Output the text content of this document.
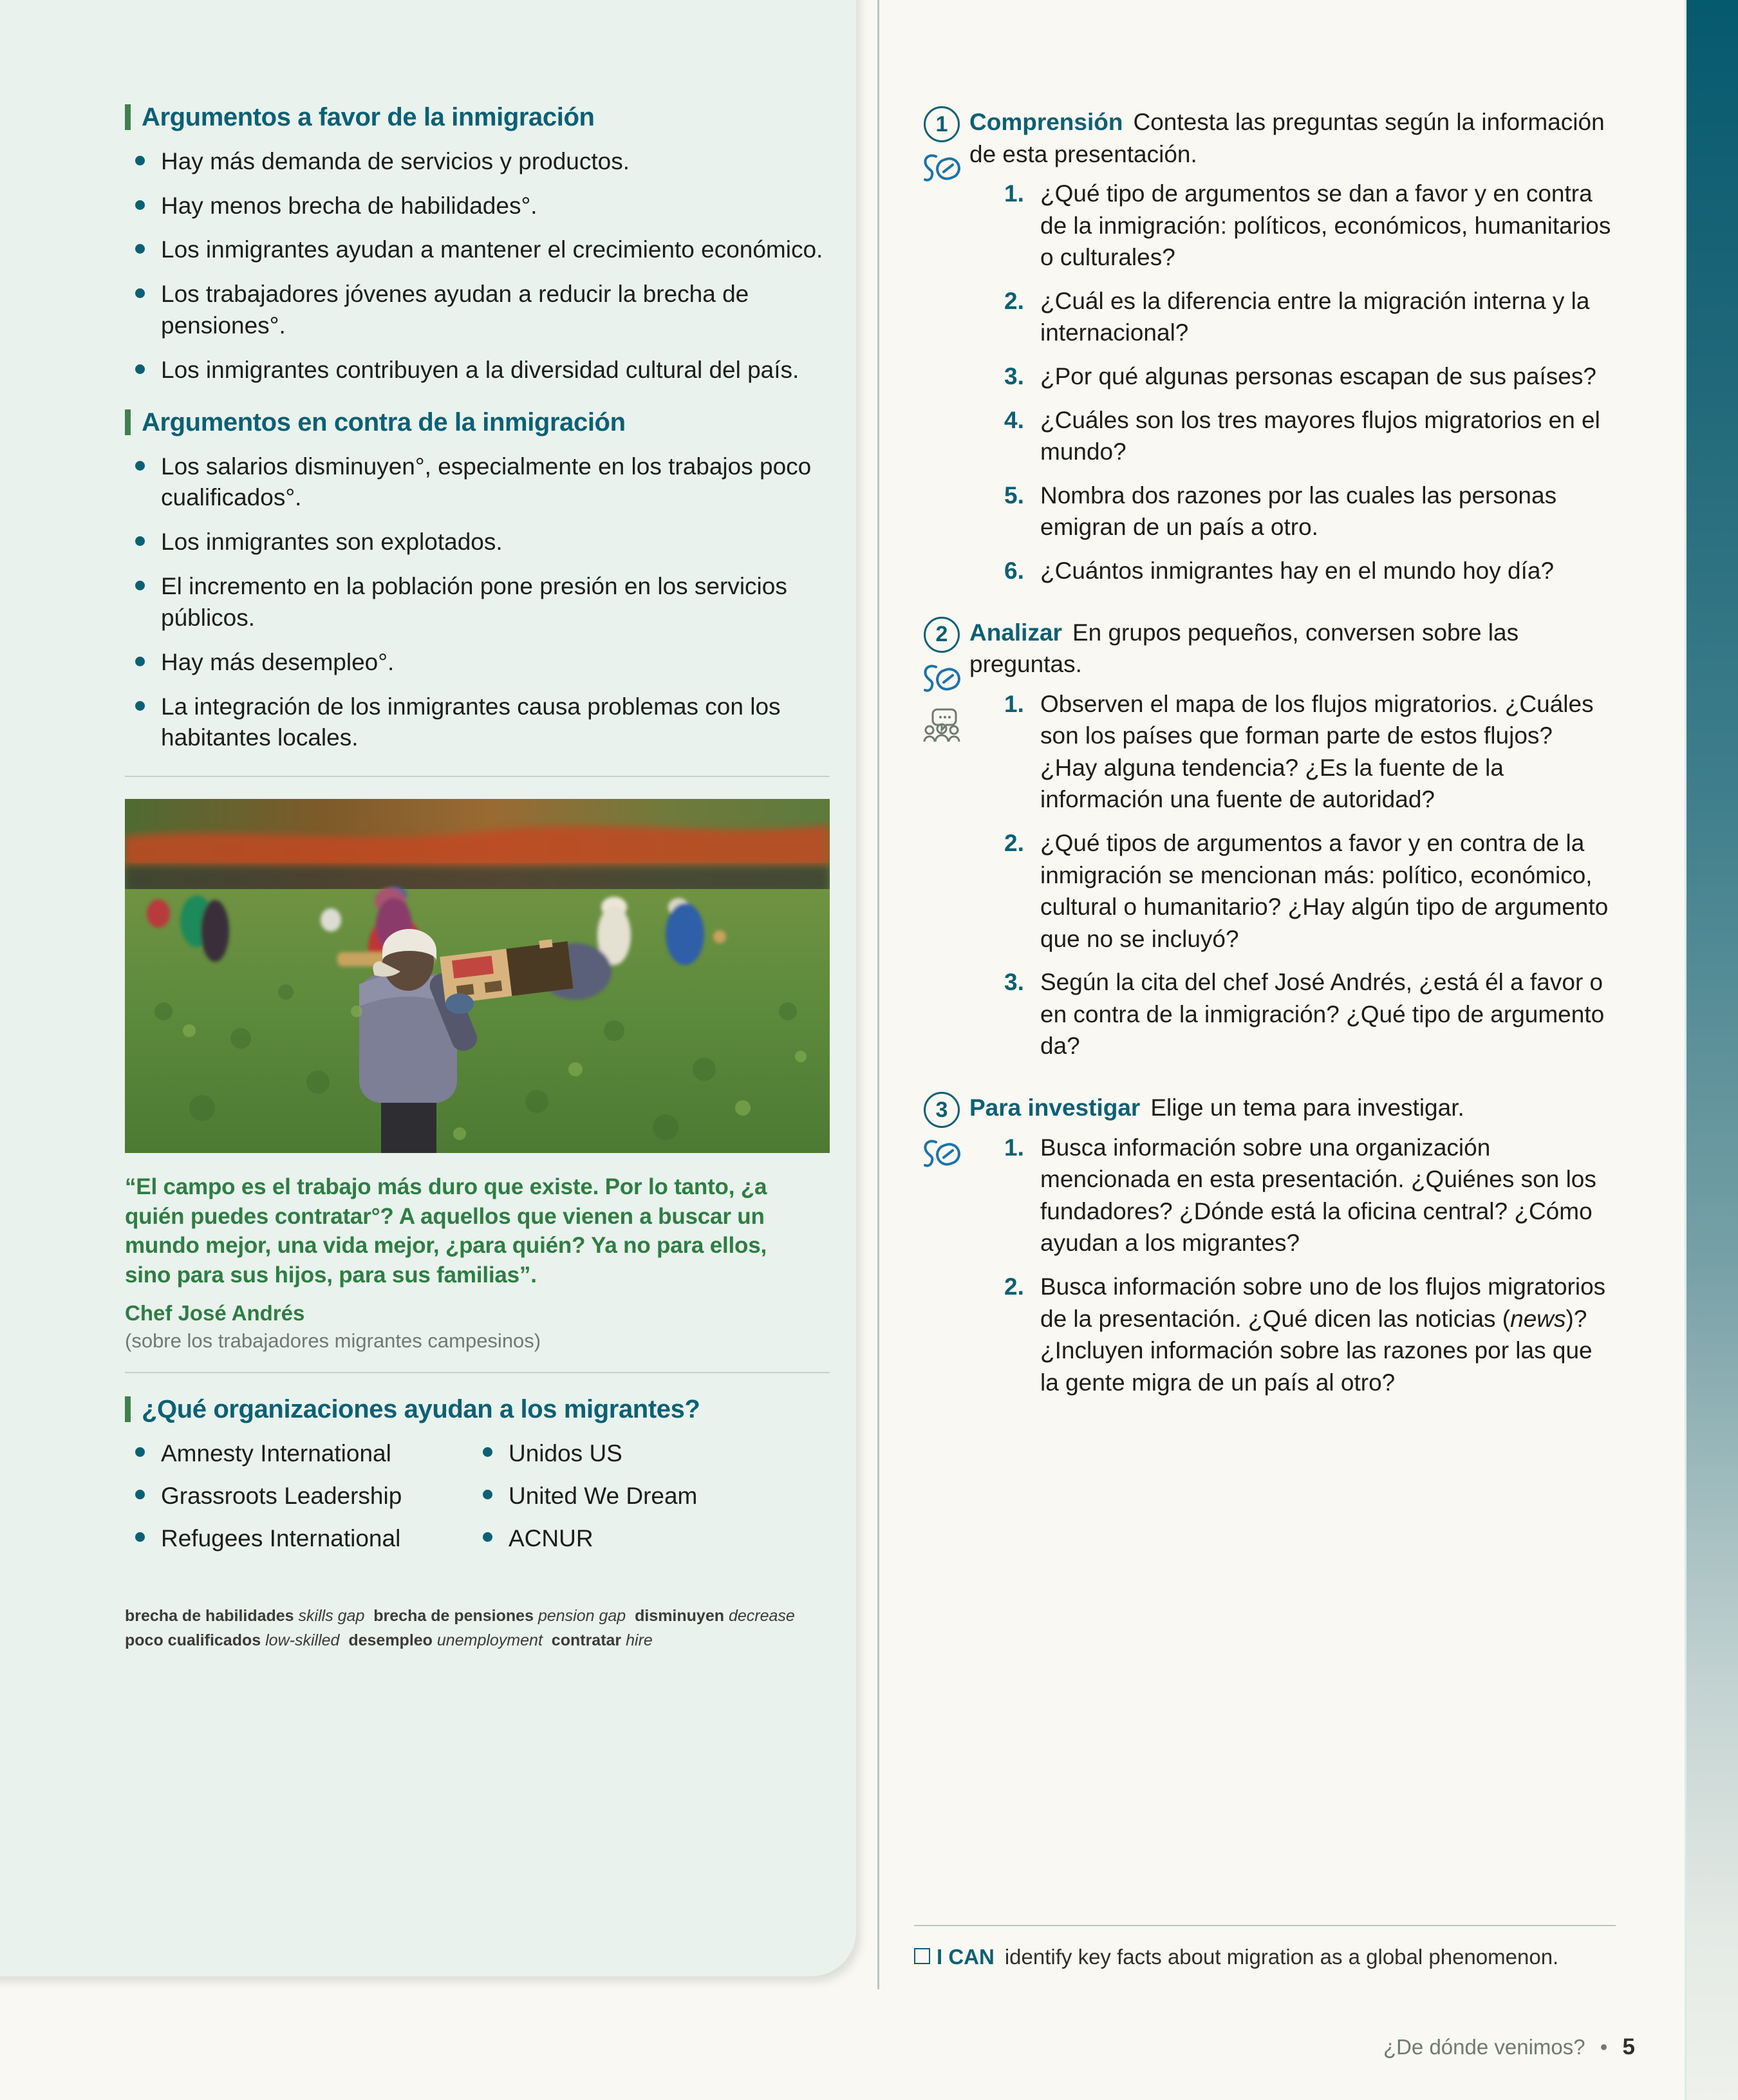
Argumentos a favor de la inmigración
Hay más demanda de servicios y productos.
Hay menos brecha de habilidades°.
Los inmigrantes ayudan a mantener el crecimiento económico.
Los trabajadores jóvenes ayudan a reducir la brecha de pensiones°.
Los inmigrantes contribuyen a la diversidad cultural del país.
Argumentos en contra de la inmigración
Los salarios disminuyen°, especialmente en los trabajos poco cualificados°.
Los inmigrantes son explotados.
El incremento en la población pone presión en los servicios públicos.
Hay más desempleo°.
La integración de los inmigrantes causa problemas con los habitantes locales.

“El campo es el trabajo más duro que existe. Por lo tanto, ¿a quién puedes contratar°? A aquellos que vienen a buscar un mundo mejor, una vida mejor, ¿para quién? Ya no para ellos, sino para sus hijos, para sus familias”.

Chef José Andrés

(sobre los trabajadores migrantes campesinos)

¿Qué organizaciones ayudan a los migrantes?
Amnesty International
Grassroots Leadership
Refugees International
Unidos US
United We Dream
ACNUR
brecha de habilidades skills gap brecha de pensiones pension gap disminuyen decrease  poco cualificados low-skilled desempleo unemployment contratar hire
1 Comprensión Contesta las preguntas según la información de esta presentación.

1. ¿Qué tipo de argumentos se dan a favor y en contra de la inmigración: políticos, económicos, humanitarios o culturales?
2. ¿Cuál es la diferencia entre la migración interna y la internacional?
3. ¿Por qué algunas personas escapan de sus países?
4. ¿Cuáles son los tres mayores flujos migratorios en el mundo?
5. Nombra dos razones por las cuales las personas emigran de un país a otro.
6. ¿Cuántos inmigrantes hay en el mundo hoy día?
2 Analizar En grupos pequeños, conversen sobre las preguntas.

1. Observen el mapa de los flujos migratorios. ¿Cuáles son los países que forman parte de estos flujos? ¿Hay alguna tendencia? ¿Es la fuente de la información una fuente de autoridad?
2. ¿Qué tipos de argumentos a favor y en contra de la inmigración se mencionan más: político, económico, cultural o humanitario? ¿Hay algún tipo de argumento que no se incluyó?
3. Según la cita del chef José Andrés, ¿está él a favor o en contra de la inmigración? ¿Qué tipo de argumento da?
3 Para investigar Elige un tema para investigar.

1. Busca información sobre una organización mencionada en esta presentación. ¿Quiénes son los fundadores? ¿Dónde está la oficina central? ¿Cómo ayudan a los migrantes?
2. Busca información sobre uno de los flujos migratorios de la presentación. ¿Qué dicen las noticias (news)? ¿Incluyen información sobre las razones por las que la gente migra de un país al otro?
I CAN identify key facts about migration as a global phenomenon.
¿De dónde venimos? • 5
